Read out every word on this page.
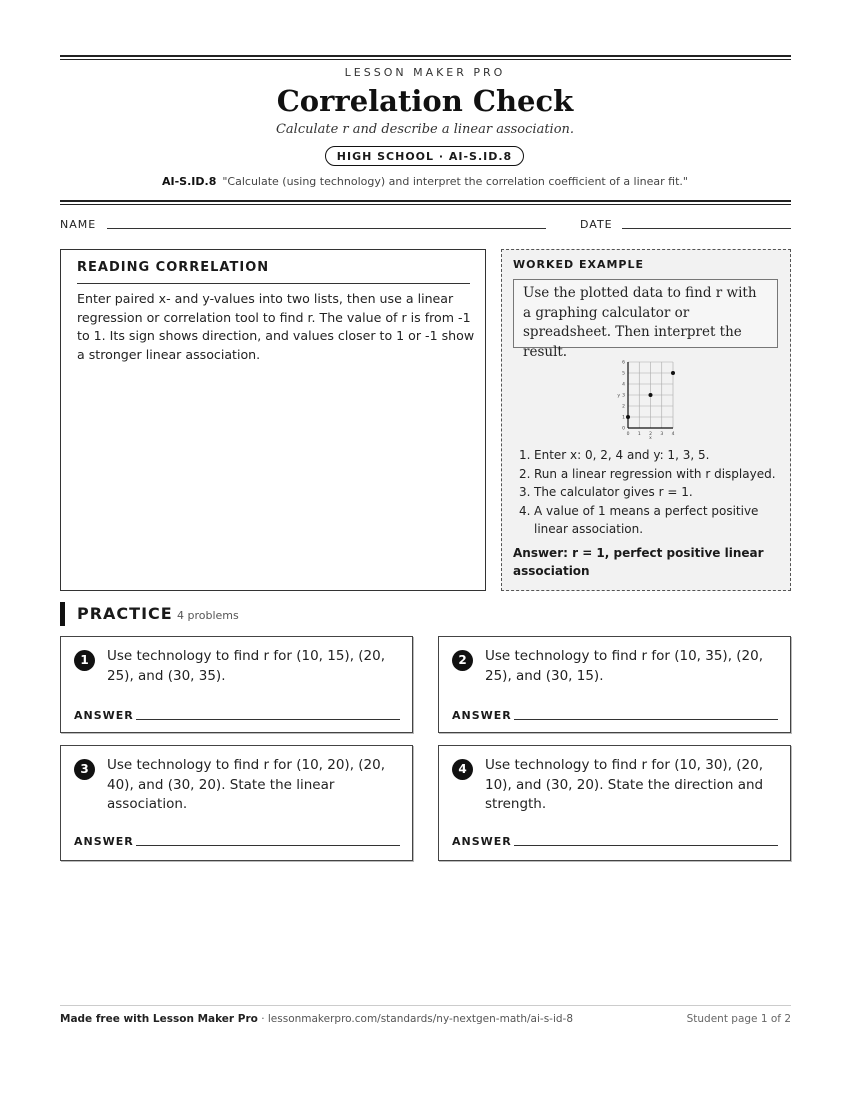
LESSON MAKER PRO
Correlation Check
Calculate r and describe a linear association.
HIGH SCHOOL · AI-S.ID.8
AI-S.ID.8 "Calculate (using technology) and interpret the correlation coefficient of a linear fit."
NAME	DATE
READING CORRELATION
Enter paired x- and y-values into two lists, then use a linear regression or correlation tool to find r. The value of r is from -1 to 1. Its sign shows direction, and values closer to 1 or -1 show a stronger linear association.
WORKED EXAMPLE
Use the plotted data to find r with a graphing calculator or spreadsheet. Then interpret the result.
0 1 2 3 4
0
1
2
3
4
5
6
x
y
1. Enter x: 0, 2, 4 and y: 1, 3, 5.
2. Run a linear regression with r displayed.
3. The calculator gives r = 1.
4. A value of 1 means a perfect positive linear association.
Answer: r = 1, perfect positive linear association
PRACTICE 4 problems
1	Use technology to find r for (10, 15), (20, 25), and (30, 35).
ANSWER
2	Use technology to find r for (10, 35), (20, 25), and (30, 15).
ANSWER
3	Use technology to find r for (10, 20), (20, 40), and (30, 20). State the linear association.
ANSWER
4	Use technology to find r for (10, 30), (20, 10), and (30, 20). State the direction and strength.
ANSWER
Made free with Lesson Maker Pro · lessonmakerpro.com/standards/ny-nextgen-math/ai-s-id-8	Student page 1 of 2
